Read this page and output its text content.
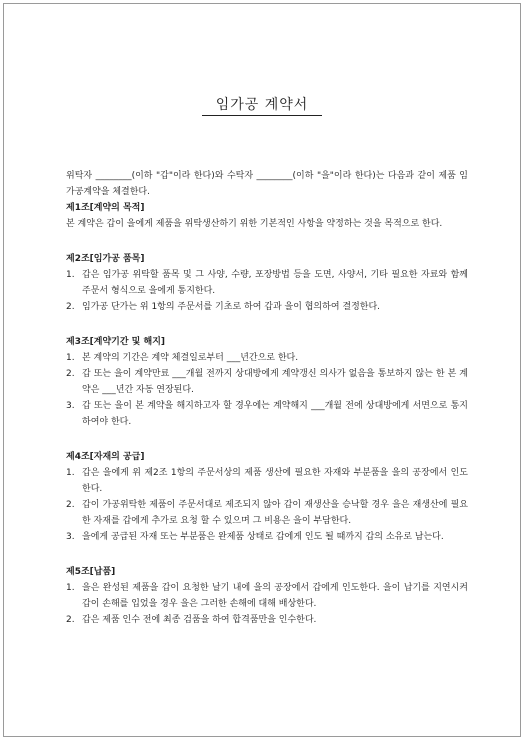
임가공 계약서

위탁자 ________(이하 "갑"이라 한다)와 수탁자 ________(이하 "을"이라 한다)는 다음과 같이 제품 임가공계약을 체결한다.

제1조[계약의 목적]

본 계약은 갑이 을에게 제품을 위탁생산하기 위한 기본적인 사항을 약정하는 것을 목적으로 한다.

제2조[임가공 품목]

1. 갑은 임가공 위탁할 품목 및 그 사양, 수량, 포장방법 등을 도면, 사양서, 기타 필요한 자료와 함께 주문서 형식으로 을에게 통지한다.
2. 임가공 단가는 위 1항의 주문서를 기초로 하여 갑과 을이 협의하여 결정한다.

제3조[계약기간 및 해지]

1. 본 계약의 기간은 계약 체결일로부터 ___년간으로 한다.
2. 갑 또는 을이 계약만료 ___개월 전까지 상대방에게 계약갱신 의사가 없음을 통보하지 않는 한 본 계약은 ___년간 자동 연장된다.
3. 갑 또는 을이 본 계약을 해지하고자 할 경우에는 계약해지 ___개월 전에 상대방에게 서면으로 통지하여야 한다.

제4조[자재의 공급]

1. 갑은 을에게 위 제2조 1항의 주문서상의 제품 생산에 필요한 자재와 부분품을 을의 공장에서 인도한다.
2. 갑이 가공위탁한 제품이 주문서대로 제조되지 않아 갑이 재생산을 승낙할 경우 을은 재생산에 필요한 자재를 갑에게 추가로 요청 할 수 있으며 그 비용은 을이 부담한다.
3. 을에게 공급된 자재 또는 부분품은 완제품 상태로 갑에게 인도 될 때까지 갑의 소유로 남는다.

제5조[납품]

1. 을은 완성된 제품을 갑이 요청한 날기 내에 을의 공장에서 갑에게 인도한다. 을이 납기를 지연시켜 갑이 손해를 입었을 경우 을은 그러한 손해에 대해 배상한다.
2. 갑은 제품 인수 전에 최종 검품을 하여 합격품만을 인수한다.
